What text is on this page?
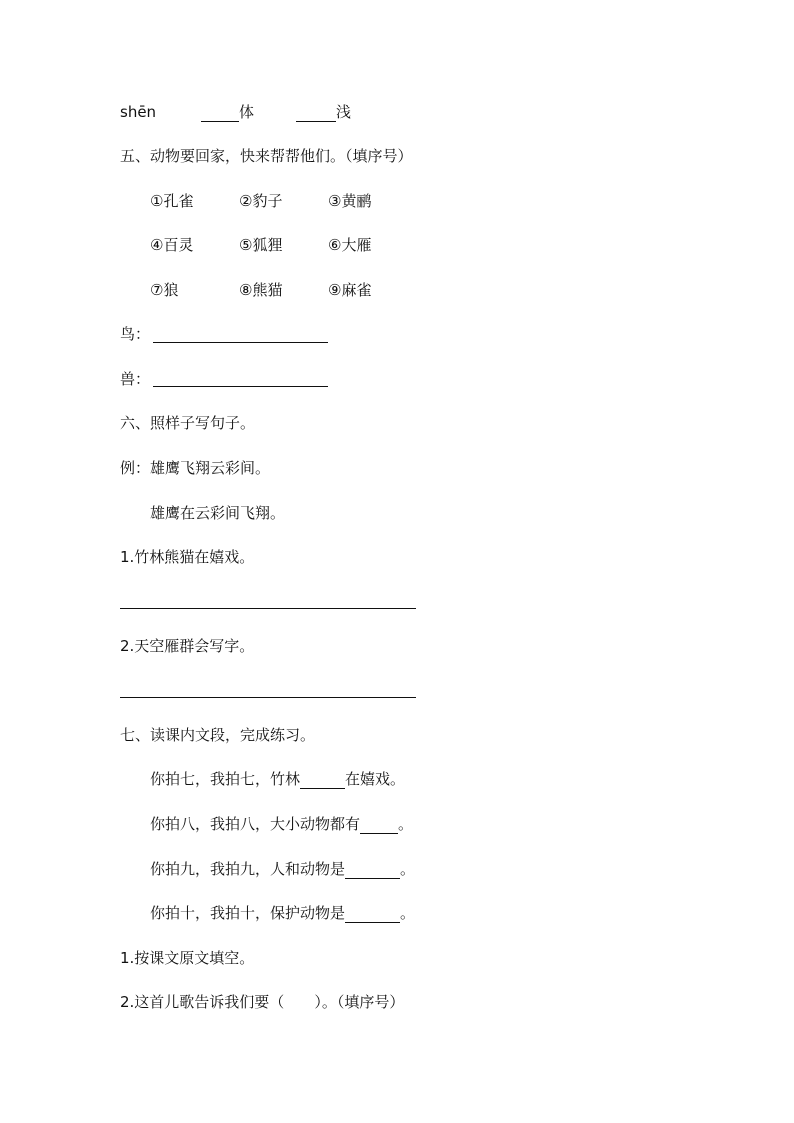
shēn	体	浅
五、动物要回家，快来帮帮他们。（填序号）
①孔雀	②豹子	③黄鹂
④百灵	⑤狐狸	⑥大雁
⑦狼	⑧熊猫	⑨麻雀
鸟：
兽：
六、照样子写句子。
例：雄鹰飞翔云彩间。
雄鹰在云彩间飞翔。
1.竹林熊猫在嬉戏。
2.天空雁群会写字。
七、读课内文段，完成练习。
你拍七，我拍七，竹林	在嬉戏。
你拍八，我拍八，大小动物都有	。
你拍九，我拍九，人和动物是	。
你拍十，我拍十，保护动物是	。
1.按课文原文填空。
2.这首儿歌告诉我们要（　　）。（填序号）
